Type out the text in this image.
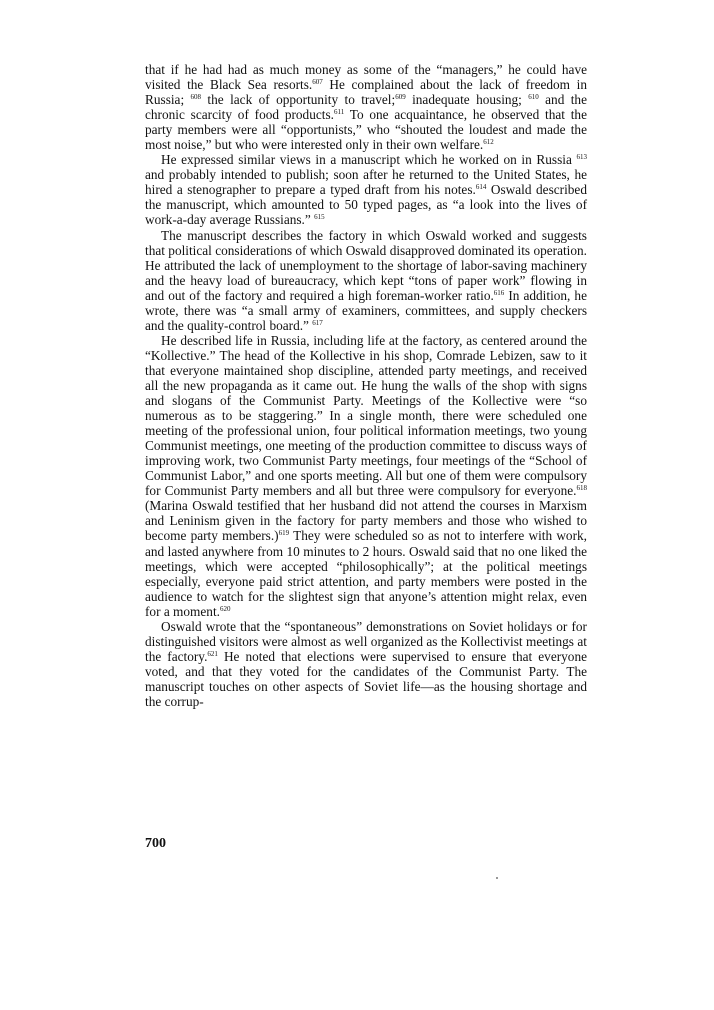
that if he had had as much money as some of the “managers,” he could have visited the Black Sea resorts.$^{607}$ He complained about the lack of freedom in Russia; $^{608}$ the lack of opportunity to travel;$^{609}$ inadequate housing; $^{610}$ and the chronic scarcity of food products.$^{611}$ To one acquaintance, he observed that the party members were all “opportunists,” who “shouted the loudest and made the most noise,” but who were interested only in their own welfare.$^{612}$

He expressed similar views in a manuscript which he worked on in Russia $^{613}$ and probably intended to publish; soon after he returned to the United States, he hired a stenographer to prepare a typed draft from his notes.$^{614}$ Oswald described the manuscript, which amounted to 50 typed pages, as “a look into the lives of work-a-day average Russians.” $^{615}$

The manuscript describes the factory in which Oswald worked and suggests that political considerations of which Oswald disapproved dominated its operation. He attributed the lack of unemployment to the shortage of labor-saving machinery and the heavy load of bureaucracy, which kept “tons of paper work” flowing in and out of the factory and required a high foreman-worker ratio.$^{616}$ In addition, he wrote, there was “a small army of examiners, committees, and supply checkers and the quality-control board.” $^{617}$

He described life in Russia, including life at the factory, as centered around the “Kollective.” The head of the Kollective in his shop, Comrade Lebizen, saw to it that everyone maintained shop discipline, attended party meetings, and received all the new propaganda as it came out. He hung the walls of the shop with signs and slogans of the Communist Party. Meetings of the Kollective were “so numerous as to be staggering.” In a single month, there were scheduled one meeting of the professional union, four political information meetings, two young Communist meetings, one meeting of the production committee to discuss ways of improving work, two Communist Party meetings, four meetings of the “School of Communist Labor,” and one sports meeting. All but one of them were compulsory for Communist Party members and all but three were compulsory for everyone.$^{618}$ (Marina Oswald testified that her husband did not attend the courses in Marxism and Leninism given in the factory for party members and those who wished to become party members.)$^{619}$ They were scheduled so as not to interfere with work, and lasted anywhere from 10 minutes to 2 hours. Oswald said that no one liked the meetings, which were accepted “philosophically”; at the political meetings especially, everyone paid strict attention, and party members were posted in the audience to watch for the slightest sign that anyone’s attention might relax, even for a moment.$^{620}$

Oswald wrote that the “spontaneous” demonstrations on Soviet holidays or for distinguished visitors were almost as well organized as the Kollectivist meetings at the factory.$^{621}$ He noted that elections were supervised to ensure that everyone voted, and that they voted for the candidates of the Communist Party. The manuscript touches on other aspects of Soviet life—as the housing shortage and the corrup-

700
